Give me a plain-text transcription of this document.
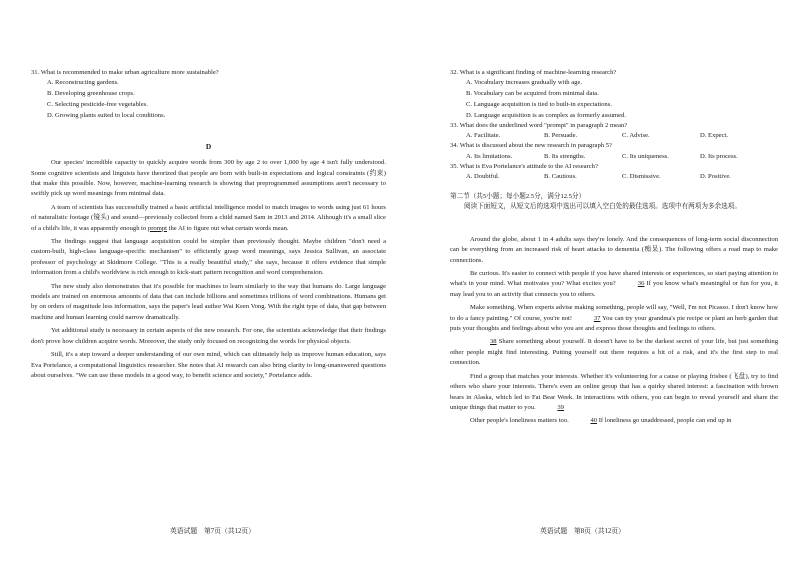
31. What is recommended to make urban agriculture more sustainable?

A. Reconstructing gardens.

B. Developing greenhouse crops.

C. Selecting pesticide-free vegetables.

D. Growing plants suited to local conditions.

D

Our species' incredible capacity to quickly acquire words from 300 by age 2 to over 1,000 by age 4 isn't fully understood. Some cognitive scientists and linguists have theorized that people are born with built-in expectations and logical constraints (约束) that make this possible. Now, however, machine-learning research is showing that preprogrammed assumptions aren't necessary to swiftly pick up word meanings from minimal data.

A team of scientists has successfully trained a basic artificial intelligence model to match images to words using just 61 hours of naturalistic footage (镜头) and sound—previously collected from a child named Sam in 2013 and 2014. Although it's a small slice of a child's life, it was apparently enough to prompt the AI to figure out what certain words mean.

The findings suggest that language acquisition could be simpler than previously thought. Maybe children "don't need a custom-built, high-class language-specific mechanism" to efficiently grasp word meanings, says Jessica Sullivan, an associate professor of psychology at Skidmore College. "This is a really beautiful study," she says, because it offers evidence that simple information from a child's worldview is rich enough to kick-start pattern recognition and word comprehension.

The new study also demonstrates that it's possible for machines to learn similarly to the way that humans do. Large language models are trained on enormous amounts of data that can include billions and sometimes trillions of word combinations. Humans get by on orders of magnitude less information, says the paper's lead author Wai Keen Vong. With the right type of data, that gap between machine and human learning could narrow dramatically.

Yet additional study is necessary in certain aspects of the new research. For one, the scientists acknowledge that their findings don't prove how children acquire words. Moreover, the study only focused on recognizing the words for physical objects.

Still, it's a step toward a deeper understanding of our own mind, which can ultimately help us improve human education, says Eva Portelance, a computational linguistics researcher. She notes that AI research can also bring clarity to long-unanswered questions about ourselves. "We can use these models in a good way, to benefit science and society," Portelance adds.

英语试题　第7页（共12页）

32. What is a significant finding of machine-learning research?

A. Vocabulary increases gradually with age.

B. Vocabulary can be acquired from minimal data.

C. Language acquisition is tied to built-in expectations.

D. Language acquisition is as complex as formerly assumed.

33. What does the underlined word "prompt" in paragraph 2 mean?

A. Facilitate.	B. Persuade.	C. Advise.	D. Expect.

34. What is discussed about the new research in paragraph 5?

A. Its limitations.	B. Its strengths.	C. Its uniqueness.	D. Its process.

35. What is Eva Portelance's attitude to the AI research?

A. Doubtful.	B. Cautious.	C. Dismissive.	D. Positive.

第二节（共5小题；每小题2.5分，满分12.5分）

阅读下面短文，从短文后的选项中选出可以填入空白处的最佳选项。选项中有两项为多余选项。

Around the globe, about 1 in 4 adults says they're lonely. And the consequences of long-term social disconnection can be everything from an increased risk of heart attacks to dementia (痴呆). The following offers a road map to make connections.

Be curious. It's easier to connect with people if you have shared interests or experiences, so start paying attention to what's in your mind. What motivates you? What excites you?	36 If you know what's meaningful or fun for you, it may lead you to an activity that connects you to others.

Make something. When experts advise making something, people will say, "Well, I'm not Picasso. I don't know how to do a fancy painting." Of course, you're not!	37 You can try your grandma's pie recipe or plant an herb garden that puts your thoughts and feelings about who you are and express those thoughts and feelings to others.

38 Share something about yourself. It doesn't have to be the darkest secret of your life, but just something other people might find interesting. Putting yourself out there requires a bit of a risk, and it's the first step to real connection.

Find a group that matches your interests. Whether it's volunteering for a cause or playing frisbee (飞盘), try to find others who share your interests. There's even an online group that has a quirky shared interest: a fascination with brown bears in Alaska, which led to Fat Bear Week. In interactions with others, you can begin to reveal yourself and share the unique things that matter to you.	39

Other people's loneliness matters too.	40 If loneliness go unaddressed, people can end up in

英语试题　第8页（共12页）
